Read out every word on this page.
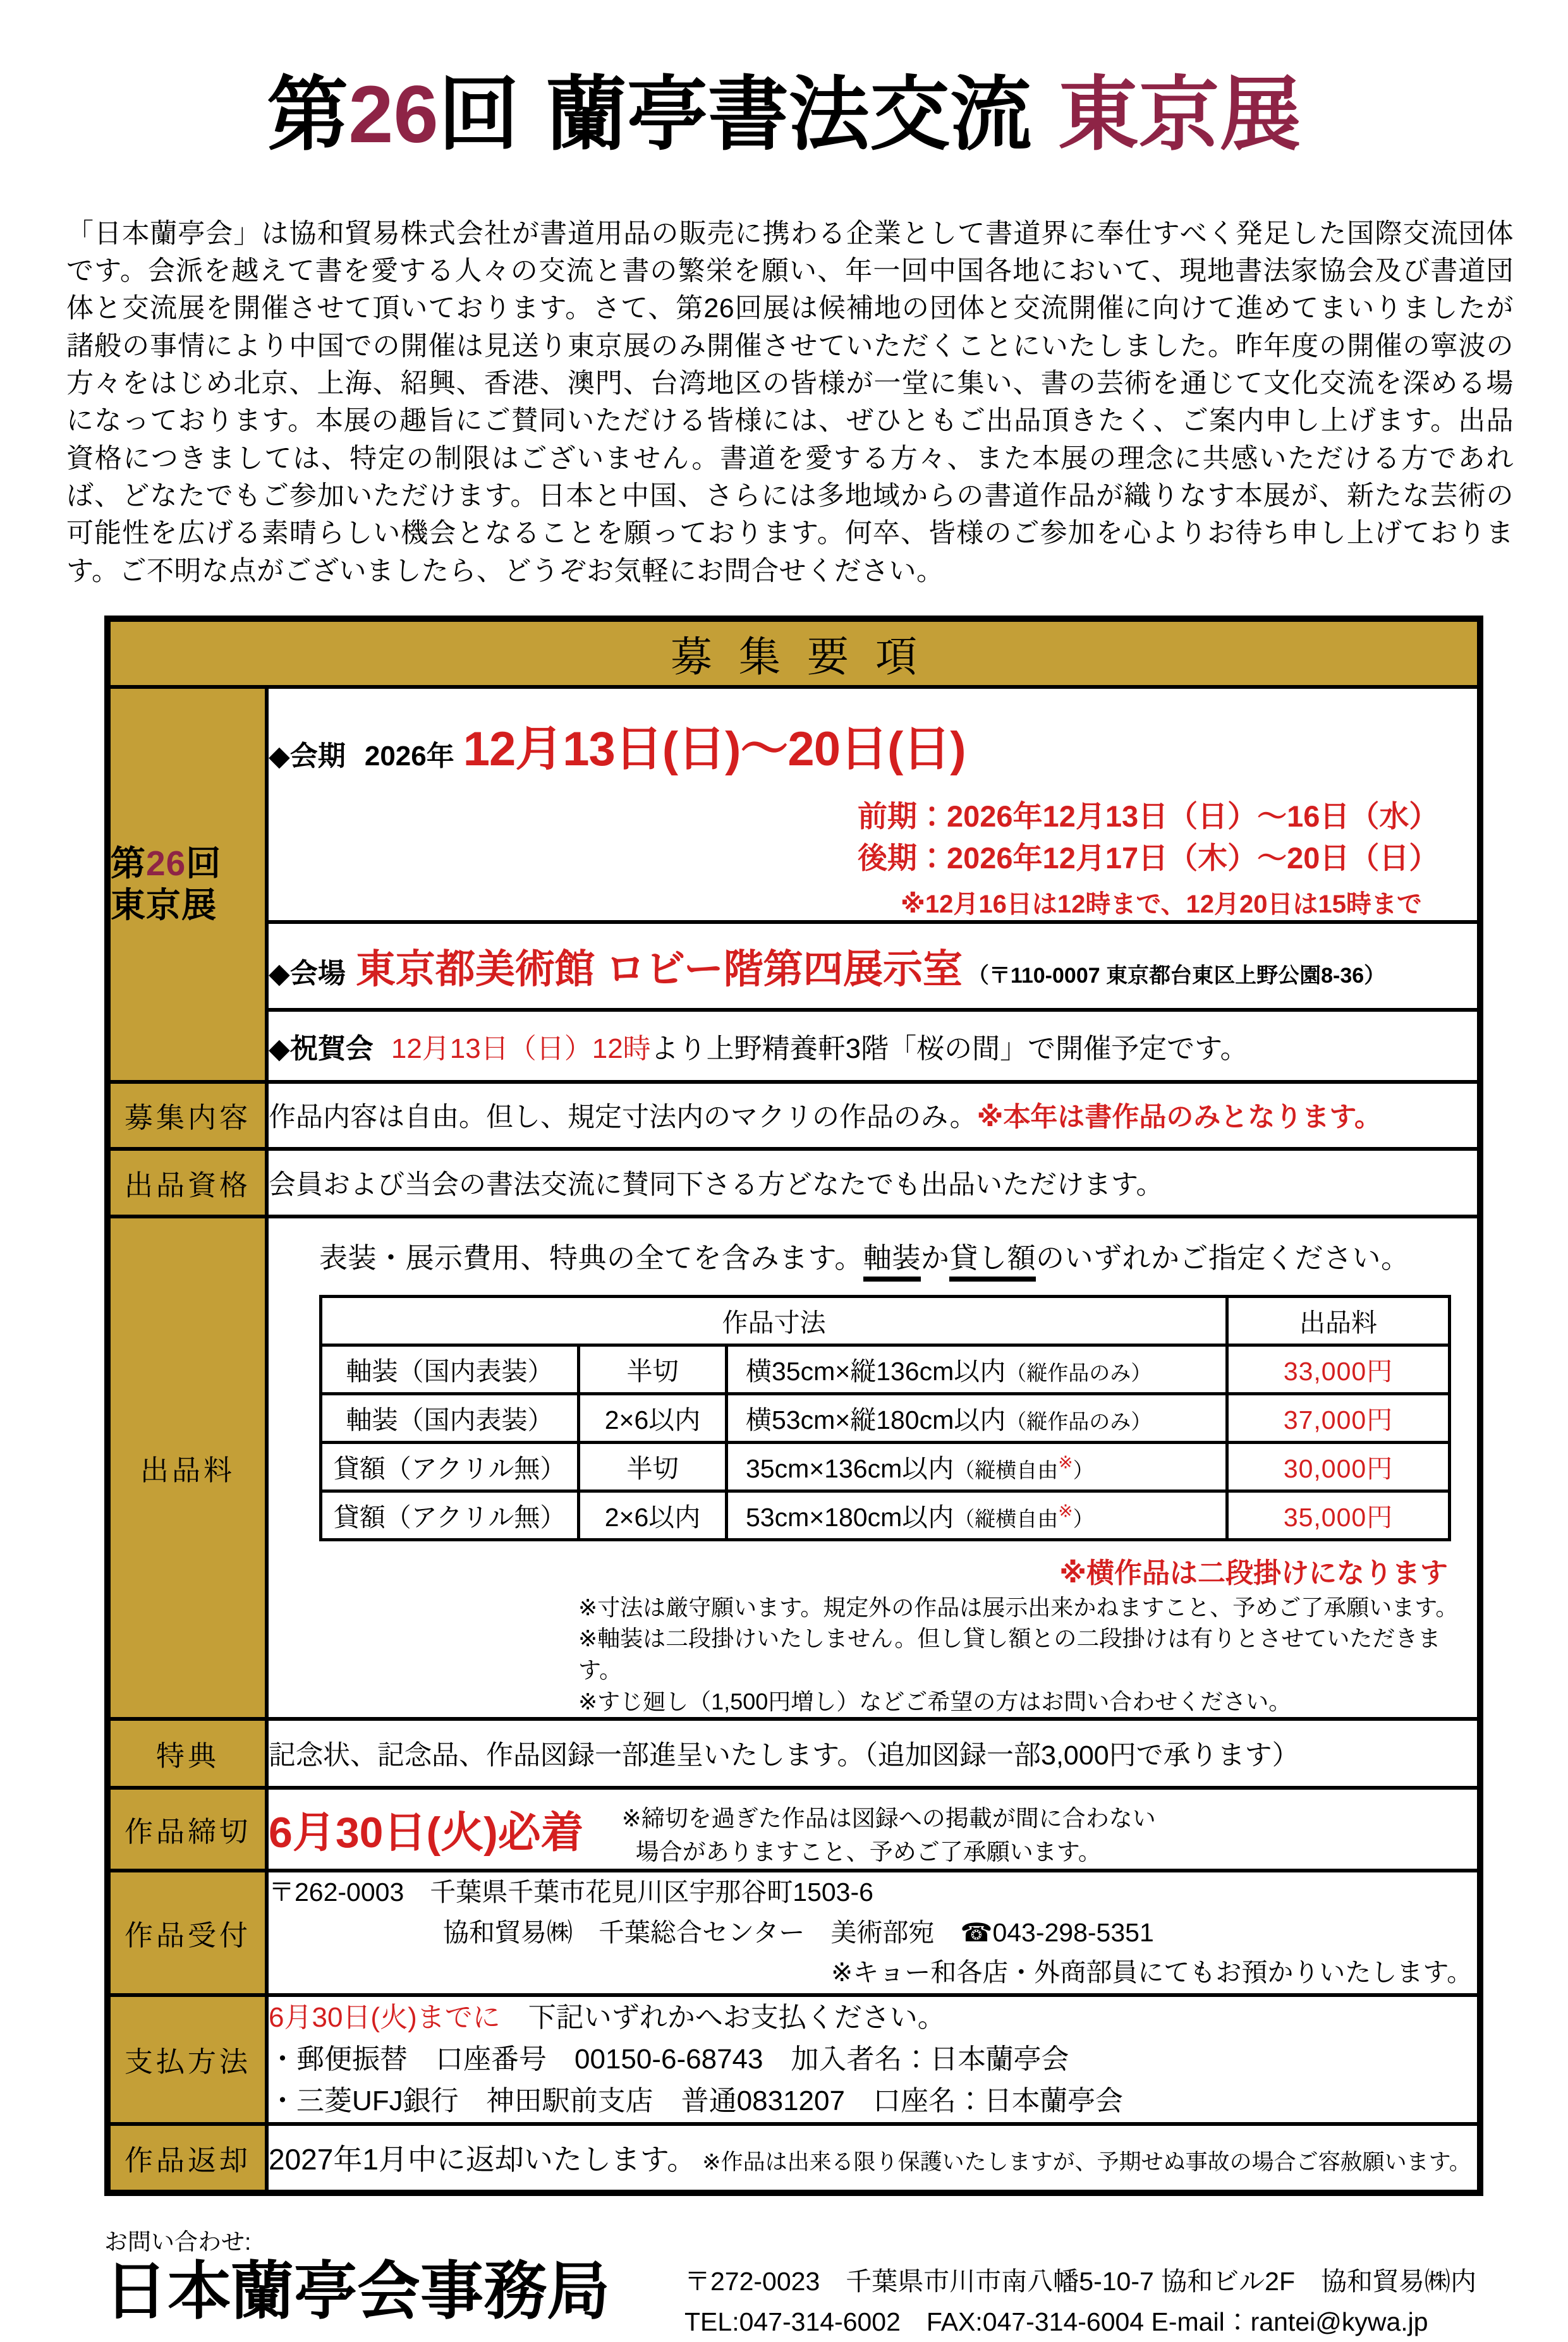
第26回 蘭亭書法交流 東京展

「日本蘭亭会」は協和貿易株式会社が書道用品の販売に携わる企業として書道界に奉仕すべく発足した国際交流団体です。会派を越えて書を愛する人々の交流と書の繁栄を願い、年一回中国各地において、現地書法家協会及び書道団体と交流展を開催させて頂いております。さて、第26回展は候補地の団体と交流開催に向けて進めてまいりましたが諸般の事情により中国での開催は見送り東京展のみ開催させていただくことにいたしました。昨年度の開催の寧波の方々をはじめ北京、上海、紹興、香港、澳門、台湾地区の皆様が一堂に集い、書の芸術を通じて文化交流を深める場になっております。本展の趣旨にご賛同いただける皆様には、ぜひともご出品頂きたく、ご案内申し上げます。出品資格につきましては、特定の制限はございません。書道を愛する方々、また本展の理念に共感いただける方であれば、どなたでもご参加いただけます。日本と中国、さらには多地域からの書道作品が織りなす本展が、新たな芸術の可能性を広げる素晴らしい機会となることを願っております。何卒、皆様のご参加を心よりお待ち申し上げております。ご不明な点がございましたら、どうぞお気軽にお問合せください。

募集要項
第26回
東京展	
◆会期 2026年 12月13日(日)～20日(日)
前期：2026年12月13日（日）～16日（水）
後期：2026年12月17日（木）～20日（日）
※12月16日は12時まで、12月20日は15時まで

◆会場 東京都美術館 ロビー階第四展示室 （〒110-0007 東京都台東区上野公園8-36）

◆祝賀会 12月13日（日）12時より上野精養軒3階「桜の間」で開催予定です。

募集内容	作品内容は自由。但し、規定寸法内のマクリの作品のみ。※本年は書作品のみとなります。
出品資格	会員および当会の書法交流に賛同下さる方どなたでも出品いただけます。
出品料	
表装・展示費用、特典の全てを含みます。軸装か貸し額のいずれかご指定ください。
作品寸法	出品料
軸装（国内表装）	半切	横35cm×縦136cm以内（縦作品のみ）	33,000円
軸装（国内表装）	2×6以内	横53cm×縦180cm以内（縦作品のみ）	37,000円
貸額（アクリル無）	半切	35cm×136cm以内（縦横自由※）	30,000円
貸額（アクリル無）	2×6以内	53cm×180cm以内（縦横自由※）	35,000円
※横作品は二段掛けになります
※寸法は厳守願います。規定外の作品は展示出来かねますこと、予めご了承願います。
※軸装は二段掛けいたしません。但し貸し額との二段掛けは有りとさせていただきます。
※すじ廻し（1,500円増し）などご希望の方はお問い合わせください。

特典	記念状、記念品、作品図録一部進呈いたします。（追加図録一部3,000円で承ります）
作品締切	6月30日(火)必着 ※締切を過ぎた作品は図録への掲載が間に合わない
場合がありますこと、予めご了承願います。

作品受付	
〒262-0003　千葉県千葉市花見川区宇那谷町1503-6
協和貿易㈱　千葉総合センター　美術部宛　☎043-298-5351
※キョー和各店・外商部員にてもお預かりいたします。

支払方法	
6月30日(火)までに 下記いずれかへお支払ください。
・郵便振替　口座番号　00150-6-68743　加入者名：日本蘭亭会
・三菱UFJ銀行　神田駅前支店　普通0831207　口座名：日本蘭亭会

作品返却	2027年1月中に返却いたします。 ※作品は出来る限り保護いたしますが、予期せぬ事故の場合ご容赦願います。
お問い合わせ:
日本蘭亭会事務局	〒272-0023　千葉県市川市南八幡5-10-7 協和ビル2F　協和貿易㈱内
TEL:047-314-6002　FAX:047-314-6004 E-mail：rantei@kywa.jp
